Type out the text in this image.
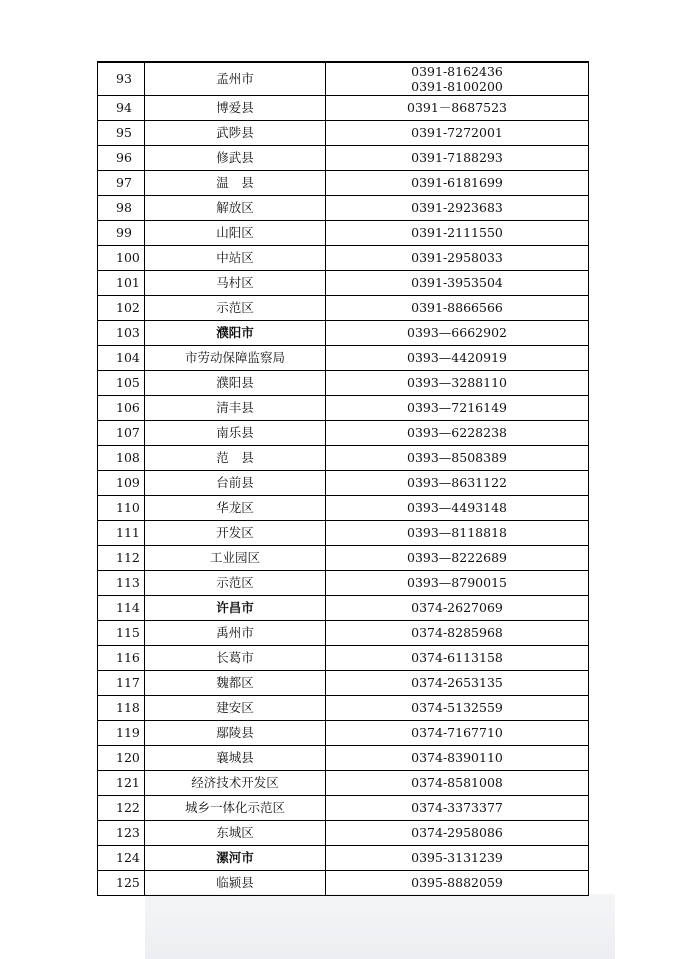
93	孟州市	0391-8162436
0391-8100200

94	博爱县	0391－8687523
95	武陟县	0391-7272001
96	修武县	0391-7188293
97	温　县	0391-6181699
98	解放区	0391-2923683
99	山阳区	0391-2111550
100	中站区	0391-2958033
101	马村区	0391-3953504
102	示范区	0391-8866566
103	濮阳市	0393—6662902
104	市劳动保障监察局	0393—4420919
105	濮阳县	0393—3288110
106	清丰县	0393—7216149
107	南乐县	0393—6228238
108	范　县	0393—8508389
109	台前县	0393—8631122
110	华龙区	0393—4493148
111	开发区	0393—8118818
112	工业园区	0393—8222689
113	示范区	0393—8790015
114	许昌市	0374-2627069
115	禹州市	0374-8285968
116	长葛市	0374-6113158
117	魏都区	0374-2653135
118	建安区	0374-5132559
119	鄢陵县	0374-7167710
120	襄城县	0374-8390110
121	经济技术开发区	0374-8581008
122	城乡一体化示范区	0374-3373377
123	东城区	0374-2958086
124	漯河市	0395-3131239
125	临颍县	0395-8882059
